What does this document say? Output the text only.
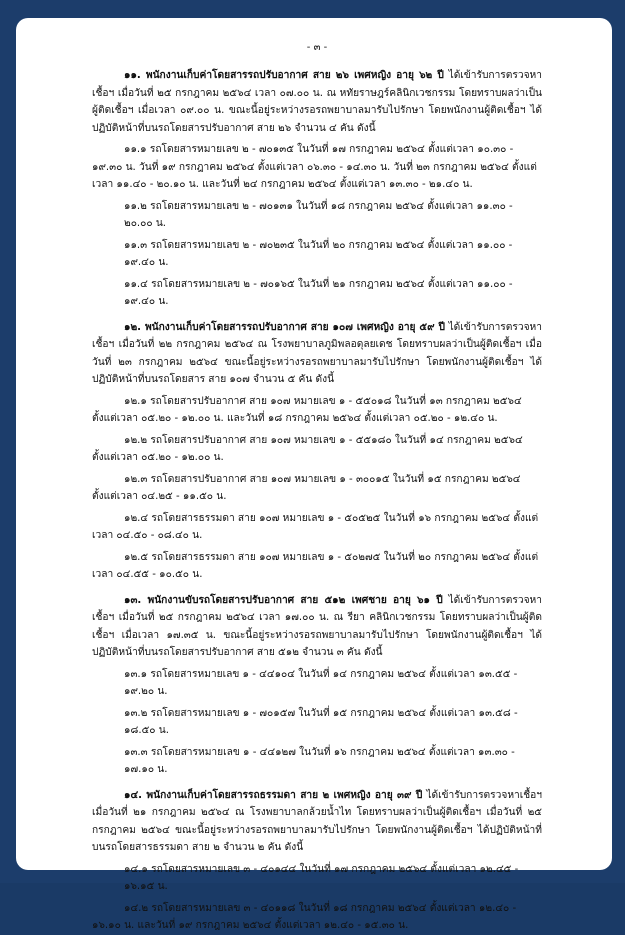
- ๓ -
๑๑. พนักงานเก็บค่าโดยสารรถปรับอากาศ สาย ๒๖ เพศหญิง อายุ ๖๒ ปี ได้เข้ารับการตรวจหาเชื้อฯ เมื่อวันที่ ๒๕ กรกฎาคม ๒๕๖๔ เวลา ๐๗.๐๐ น. ณ หทัยราษฎร์คลินิกเวชกรรม โดยทราบผลว่าเป็นผู้ติดเชื้อฯ เมื่อเวลา ๐๙.๐๐ น. ขณะนี้อยู่ระหว่างรอรถพยาบาลมารับไปรักษา โดยพนักงานผู้ติดเชื้อฯ ได้ปฏิบัติหน้าที่บนรถโดยสารปรับอากาศ สาย ๒๖ จำนวน ๔ คัน ดังนี้
๑๑.๑ รถโดยสารหมายเลข ๒ - ๗๐๑๓๕ ในวันที่ ๑๗ กรกฎาคม ๒๕๖๔ ตั้งแต่เวลา ๑๐.๓๐ - ๑๙.๓๐ น. วันที่ ๑๙ กรกฎาคม ๒๕๖๔ ตั้งแต่เวลา ๐๖.๓๐ - ๑๔.๓๐ น. วันที่ ๒๓ กรกฎาคม ๒๕๖๔ ตั้งแต่เวลา ๑๑.๔๐ - ๒๐.๑๐ น. และวันที่ ๒๔ กรกฎาคม ๒๕๖๔ ตั้งแต่เวลา ๑๓.๓๐ - ๒๑.๔๐ น.
๑๑.๒ รถโดยสารหมายเลข ๒ - ๗๐๑๓๑ ในวันที่ ๑๘ กรกฎาคม ๒๕๖๔ ตั้งแต่เวลา ๑๑.๓๐ - ๒๐.๐๐ น.
๑๑.๓ รถโดยสารหมายเลข ๒ - ๗๐๒๓๕ ในวันที่ ๒๐ กรกฎาคม ๒๕๖๔ ตั้งแต่เวลา ๑๑.๐๐ - ๑๙.๔๐ น.
๑๑.๔ รถโดยสารหมายเลข ๒ - ๗๐๑๖๕ ในวันที่ ๒๑ กรกฎาคม ๒๕๖๔ ตั้งแต่เวลา ๑๑.๐๐ - ๑๙.๔๐ น.
๑๒. พนักงานเก็บค่าโดยสารรถปรับอากาศ สาย ๑๐๗ เพศหญิง อายุ ๕๙ ปี ได้เข้ารับการตรวจหาเชื้อฯ เมื่อวันที่ ๒๒ กรกฎาคม ๒๕๖๔ ณ โรงพยาบาลภูมิพลอดุลยเดช โดยทราบผลว่าเป็นผู้ติดเชื้อฯ เมื่อวันที่ ๒๓ กรกฎาคม ๒๕๖๔ ขณะนี้อยู่ระหว่างรอรถพยาบาลมารับไปรักษา โดยพนักงานผู้ติดเชื้อฯ ได้ปฏิบัติหน้าที่บนรถโดยสาร สาย ๑๐๗ จำนวน ๕ คัน ดังนี้
๑๒.๑ รถโดยสารปรับอากาศ สาย ๑๐๗ หมายเลข ๑ - ๕๕๐๑๘ ในวันที่ ๑๓ กรกฎาคม ๒๕๖๔ ตั้งแต่เวลา ๐๕.๒๐ - ๑๒.๐๐ น. และวันที่ ๑๘ กรกฎาคม ๒๕๖๔ ตั้งแต่เวลา ๐๕.๒๐ - ๑๒.๔๐ น.
๑๒.๒ รถโดยสารปรับอากาศ สาย ๑๐๗ หมายเลข ๑ - ๕๕๑๘๐ ในวันที่ ๑๔ กรกฎาคม ๒๕๖๔ ตั้งแต่เวลา ๐๕.๒๐ - ๑๒.๐๐ น.
๑๒.๓ รถโดยสารปรับอากาศ สาย ๑๐๗ หมายเลข ๑ - ๓๐๐๑๕ ในวันที่ ๑๕ กรกฎาคม ๒๕๖๔ ตั้งแต่เวลา ๐๔.๒๕ - ๑๑.๕๐ น.
๑๒.๔ รถโดยสารธรรมดา สาย ๑๐๗ หมายเลข ๑ - ๕๐๕๒๕ ในวันที่ ๑๖ กรกฎาคม ๒๕๖๔ ตั้งแต่เวลา ๐๔.๕๐ - ๐๘.๔๐ น.
๑๒.๕ รถโดยสารธรรมดา สาย ๑๐๗ หมายเลข ๑ - ๕๐๒๗๕ ในวันที่ ๒๐ กรกฎาคม ๒๕๖๔ ตั้งแต่เวลา ๐๔.๕๕ - ๑๐.๕๐ น.
๑๓. พนักงานขับรถโดยสารปรับอากาศ สาย ๕๑๒ เพศชาย อายุ ๖๑ ปี ได้เข้ารับการตรวจหาเชื้อฯ เมื่อวันที่ ๒๕ กรกฎาคม ๒๕๖๔ เวลา ๑๗.๐๐ น. ณ รียา คลินิกเวชกรรม โดยทราบผลว่าเป็นผู้ติดเชื้อฯ เมื่อเวลา ๑๗.๓๕ น. ขณะนี้อยู่ระหว่างรอรถพยาบาลมารับไปรักษา โดยพนักงานผู้ติดเชื้อฯ ได้ปฏิบัติหน้าที่บนรถโดยสารปรับอากาศ สาย ๕๑๒ จำนวน ๓ คัน ดังนี้
๑๓.๑ รถโดยสารหมายเลข ๑ - ๔๔๑๐๔ ในวันที่ ๑๔ กรกฎาคม ๒๕๖๔ ตั้งแต่เวลา ๑๓.๕๕ - ๑๙.๒๐ น.
๑๓.๒ รถโดยสารหมายเลข ๑ - ๗๐๑๕๗ ในวันที่ ๑๕ กรกฎาคม ๒๕๖๔ ตั้งแต่เวลา ๑๓.๕๘ - ๑๘.๕๐ น.
๑๓.๓ รถโดยสารหมายเลข ๑ - ๔๔๑๒๗ ในวันที่ ๑๖ กรกฎาคม ๒๕๖๔ ตั้งแต่เวลา ๑๓.๓๐ - ๑๗.๑๐ น.
๑๔. พนักงานเก็บค่าโดยสารรถธรรมดา สาย ๒ เพศหญิง อายุ ๓๙ ปี ได้เข้ารับการตรวจหาเชื้อฯ เมื่อวันที่ ๒๑ กรกฎาคม ๒๕๖๔ ณ โรงพยาบาลกล้วยน้ำไท โดยทราบผลว่าเป็นผู้ติดเชื้อฯ เมื่อวันที่ ๒๕ กรกฎาคม ๒๕๖๔ ขณะนี้อยู่ระหว่างรอรถพยาบาลมารับไปรักษา โดยพนักงานผู้ติดเชื้อฯ ได้ปฏิบัติหน้าที่บนรถโดยสารธรรมดา สาย ๒ จำนวน ๒ คัน ดังนี้
๑๔.๑ รถโดยสารหมายเลข ๓ - ๔๐๑๔๔ ในวันที่ ๑๗ กรกฎาคม ๒๕๖๔ ตั้งแต่เวลา ๑๒.๔๕ - ๑๖.๑๕ น.
๑๔.๒ รถโดยสารหมายเลข ๓ - ๔๐๑๑๘ ในวันที่ ๑๘ กรกฎาคม ๒๕๖๔ ตั้งแต่เวลา ๑๒.๔๐ - ๑๖.๑๐ น. และวันที่ ๑๙ กรกฎาคม ๒๕๖๔ ตั้งแต่เวลา ๑๒.๔๐ - ๑๕.๓๐ น.
